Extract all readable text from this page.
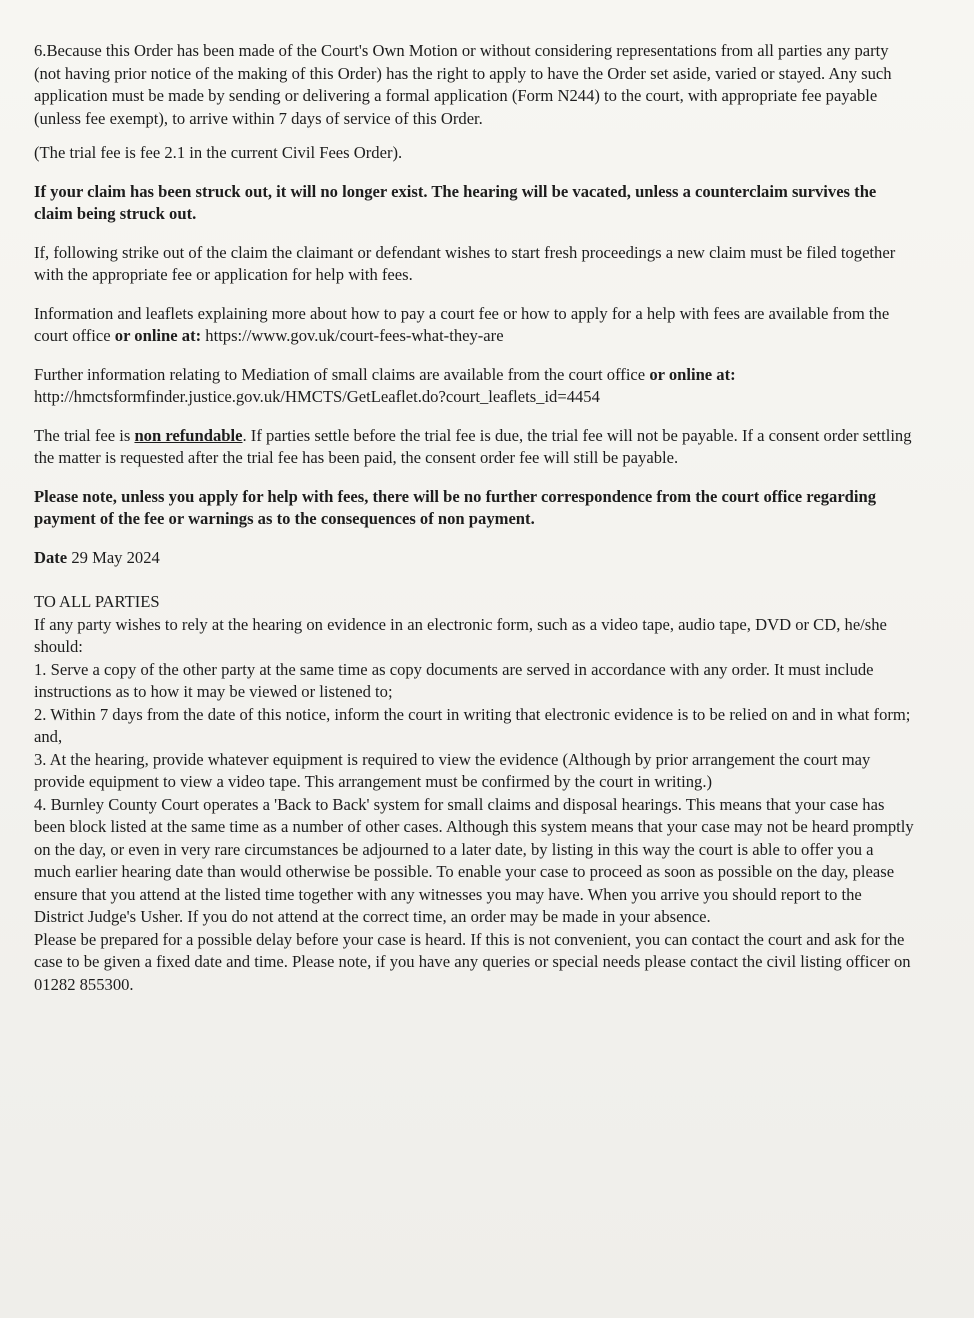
6.Because this Order has been made of the Court's Own Motion or without considering representations from all parties any party (not having prior notice of the making of this Order) has the right to apply to have the Order set aside, varied or stayed. Any such application must be made by sending or delivering a formal application (Form N244) to the court, with appropriate fee payable (unless fee exempt), to arrive within 7 days of service of this Order.

(The trial fee is fee 2.1 in the current Civil Fees Order).

If your claim has been struck out, it will no longer exist. The hearing will be vacated, unless a counterclaim survives the claim being struck out.

If, following strike out of the claim the claimant or defendant wishes to start fresh proceedings a new claim must be filed together with the appropriate fee or application for help with fees.

Information and leaflets explaining more about how to pay a court fee or how to apply for a help with fees are available from the court office or online at: https://www.gov.uk/court-fees-what-they-are

Further information relating to Mediation of small claims are available from the court office or online at: http://hmctsformfinder.justice.gov.uk/HMCTS/GetLeaflet.do?court_leaflets_id=4454

The trial fee is non refundable. If parties settle before the trial fee is due, the trial fee will not be payable. If a consent order settling the matter is requested after the trial fee has been paid, the consent order fee will still be payable.

Please note, unless you apply for help with fees, there will be no further correspondence from the court office regarding payment of the fee or warnings as to the consequences of non payment.

Date 29 May 2024

TO ALL PARTIES

If any party wishes to rely at the hearing on evidence in an electronic form, such as a video tape, audio tape, DVD or CD, he/she should:

1. Serve a copy of the other party at the same time as copy documents are served in accordance with any order. It must include instructions as to how it may be viewed or listened to;

2. Within 7 days from the date of this notice, inform the court in writing that electronic evidence is to be relied on and in what form; and,

3. At the hearing, provide whatever equipment is required to view the evidence (Although by prior arrangement the court may provide equipment to view a video tape. This arrangement must be confirmed by the court in writing.)

4. Burnley County Court operates a 'Back to Back' system for small claims and disposal hearings. This means that your case has been block listed at the same time as a number of other cases. Although this system means that your case may not be heard promptly on the day, or even in very rare circumstances be adjourned to a later date, by listing in this way the court is able to offer you a much earlier hearing date than would otherwise be possible. To enable your case to proceed as soon as possible on the day, please ensure that you attend at the listed time together with any witnesses you may have. When you arrive you should report to the District Judge's Usher. If you do not attend at the correct time, an order may be made in your absence.

Please be prepared for a possible delay before your case is heard. If this is not convenient, you can contact the court and ask for the case to be given a fixed date and time. Please note, if you have any queries or special needs please contact the civil listing officer on 01282 855300.
